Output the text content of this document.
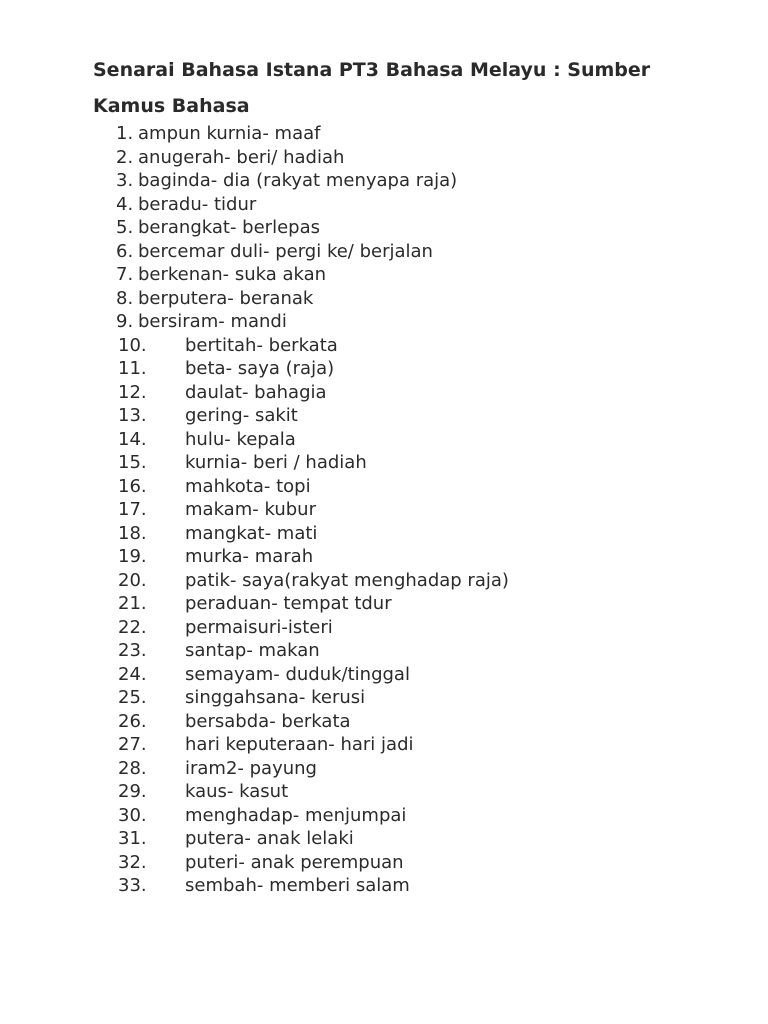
Senarai Bahasa Istana PT3 Bahasa Melayu : Sumber Kamus Bahasa
1. ampun kurnia- maaf
2. anugerah- beri/ hadiah
3. baginda- dia (rakyat menyapa raja)
4. beradu- tidur
5. berangkat- berlepas
6. bercemar duli- pergi ke/ berjalan
7. berkenan- suka akan
8. berputera- beranak
9. bersiram- mandi
10. bertitah- berkata
11. beta- saya (raja)
12. daulat- bahagia
13. gering- sakit
14. hulu- kepala
15. kurnia- beri / hadiah
16. mahkota- topi
17. makam- kubur
18. mangkat- mati
19. murka- marah
20. patik- saya(rakyat menghadap raja)
21. peraduan- tempat tdur
22. permaisuri-isteri
23. santap- makan
24. semayam- duduk/tinggal
25. singgahsana- kerusi
26. bersabda- berkata
27. hari keputeraan- hari jadi
28. iram2- payung
29. kaus- kasut
30. menghadap- menjumpai
31. putera- anak lelaki
32. puteri- anak perempuan
33. sembah- memberi salam
